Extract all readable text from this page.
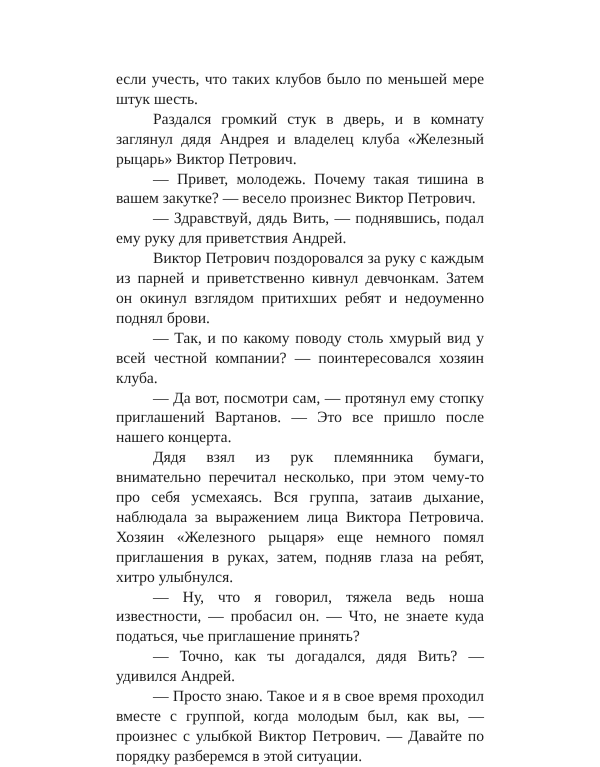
если учесть, что таких клубов было по меньшей мере штук шесть.

Раздался громкий стук в дверь, и в комнату заглянул дядя Андрея и владелец клуба «Железный рыцарь» Виктор Петрович.

— Привет, молодежь. Почему такая тишина в вашем закутке? — весело произнес Виктор Петрович.

— Здравствуй, дядь Вить, — поднявшись, подал ему руку для приветствия Андрей.

Виктор Петрович поздоровался за руку с каждым из парней и приветственно кивнул девчонкам. Затем он окинул взглядом притихших ребят и недоуменно поднял брови.

— Так, и по какому поводу столь хмурый вид у всей честной компании? — поинтересовался хозяин клуба.

— Да вот, посмотри сам, — протянул ему стопку приглашений Вартанов. — Это все пришло после нашего концерта.

Дядя взял из рук племянника бумаги, внимательно перечитал несколько, при этом чему-то про себя усмехаясь. Вся группа, затаив дыхание, наблюдала за выражением лица Виктора Петровича. Хозяин «Железного рыцаря» еще немного помял приглашения в руках, затем, подняв глаза на ребят, хитро улыбнулся.

— Ну, что я говорил, тяжела ведь ноша известности, — пробасил он. — Что, не знаете куда податься, чье приглашение принять?

— Точно, как ты догадался, дядя Вить? — удивился Андрей.

— Просто знаю. Такое и я в свое время проходил вместе с группой, когда молодым был, как вы, — произнес с улыбкой Виктор Петрович. — Давайте по порядку разберемся в этой ситуации.
